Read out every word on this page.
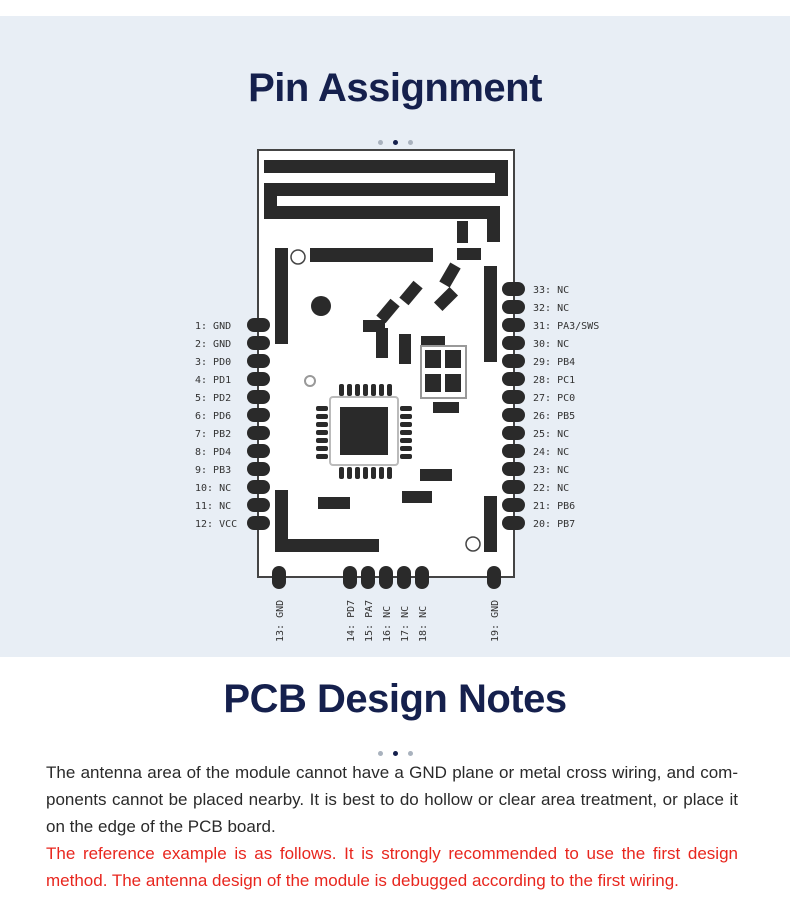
Pin Assignment
1: GND
2: GND
3: PD0
4: PD1
5: PD2
6: PD6
7: PB2
8: PD4
9: PB3
10: NC
11: NC
12: VCC
33: NC
32: NC
31: PA3/SWS
30: NC
29: PB4
28: PC1
27: PC0
26: PB5
25: NC
24: NC
23: NC
22: NC
21: PB6
20: PB7
13: GND	14: PD7 15: PA7 16: NC 17: NC 18: NC	19: GND
PCB Design Notes
The antenna area of the module cannot have a GND plane or metal cross wiring, and components cannot be placed nearby. It is best to do hollow or clear area treatment, or place it on the edge of the PCB board.
The reference example is as follows. It is strongly recommended to use the first design method. The antenna design of the module is debugged according to the first wiring.
